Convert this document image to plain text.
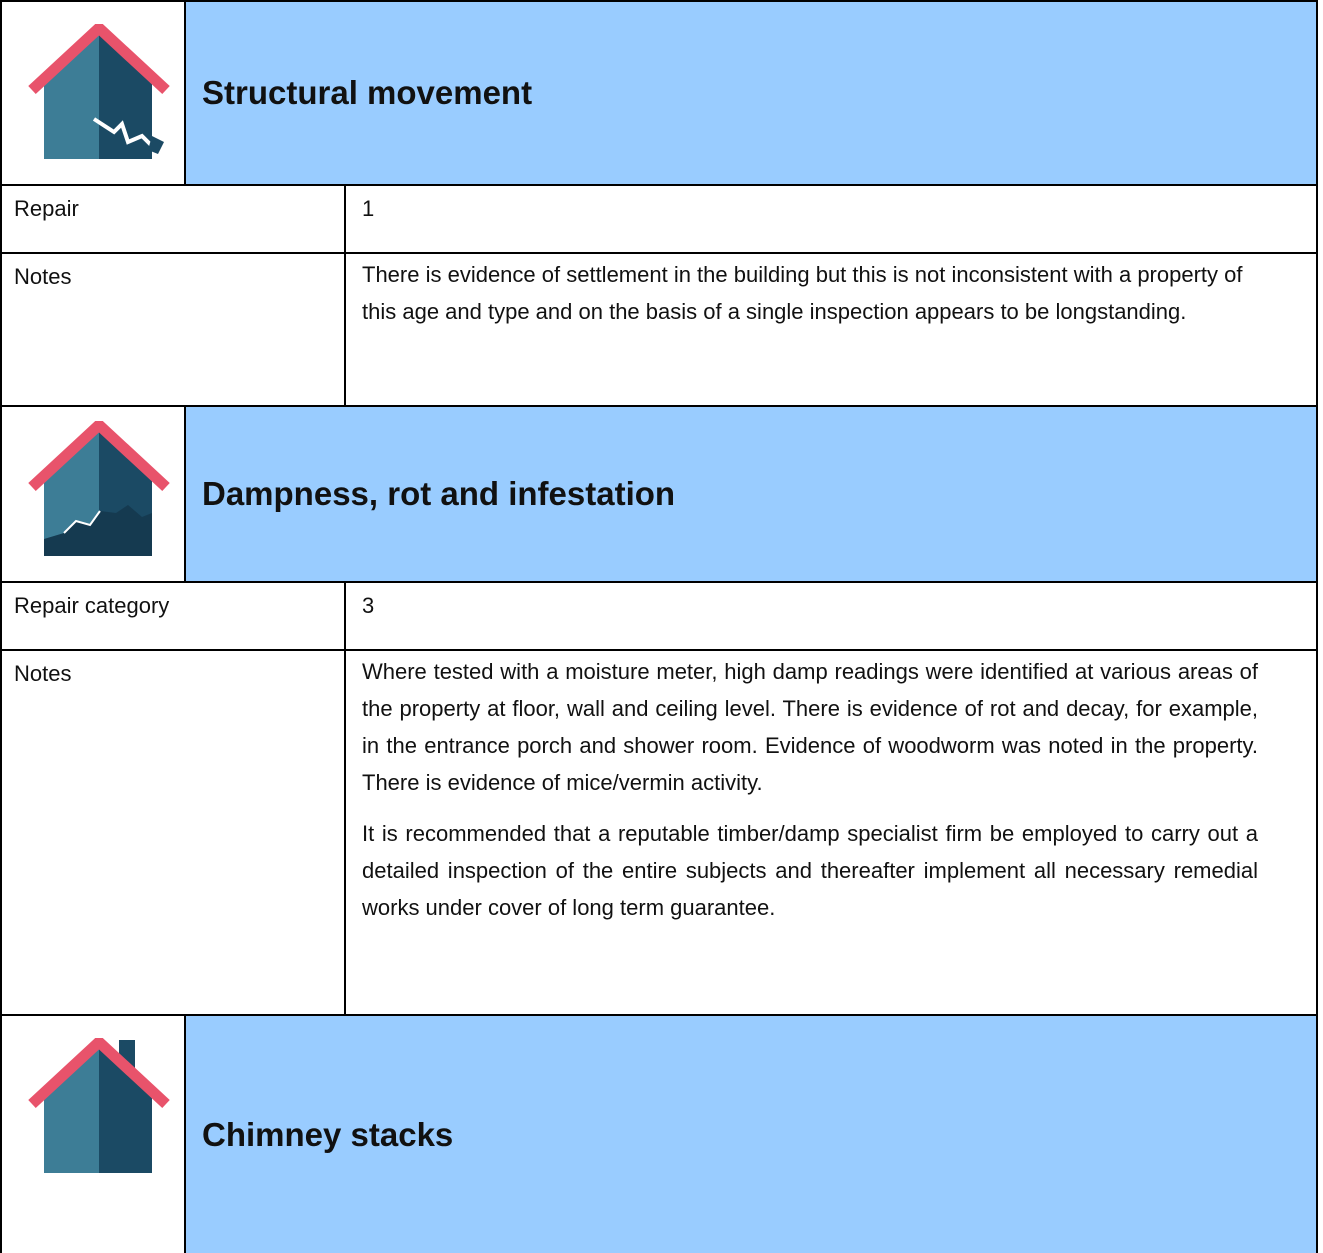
Structural movement
Repair	1

Notes	There is evidence of settlement in the building but this is not inconsistent with a property of this age and type and on the basis of a single inspection appears to be longstanding.

Dampness, rot and infestation
Repair category	3

Notes	Where tested with a moisture meter, high damp readings were identified at various areas of the property at floor, wall and ceiling level. There is evidence of rot and decay, for example, in the entrance porch and shower room. Evidence of woodworm was noted in the property. There is evidence of mice/vermin activity.

It is recommended that a reputable timber/damp specialist firm be employed to carry out a detailed inspection of the entire subjects and thereafter implement all necessary remedial works under cover of long term guarantee.

Chimney stacks
